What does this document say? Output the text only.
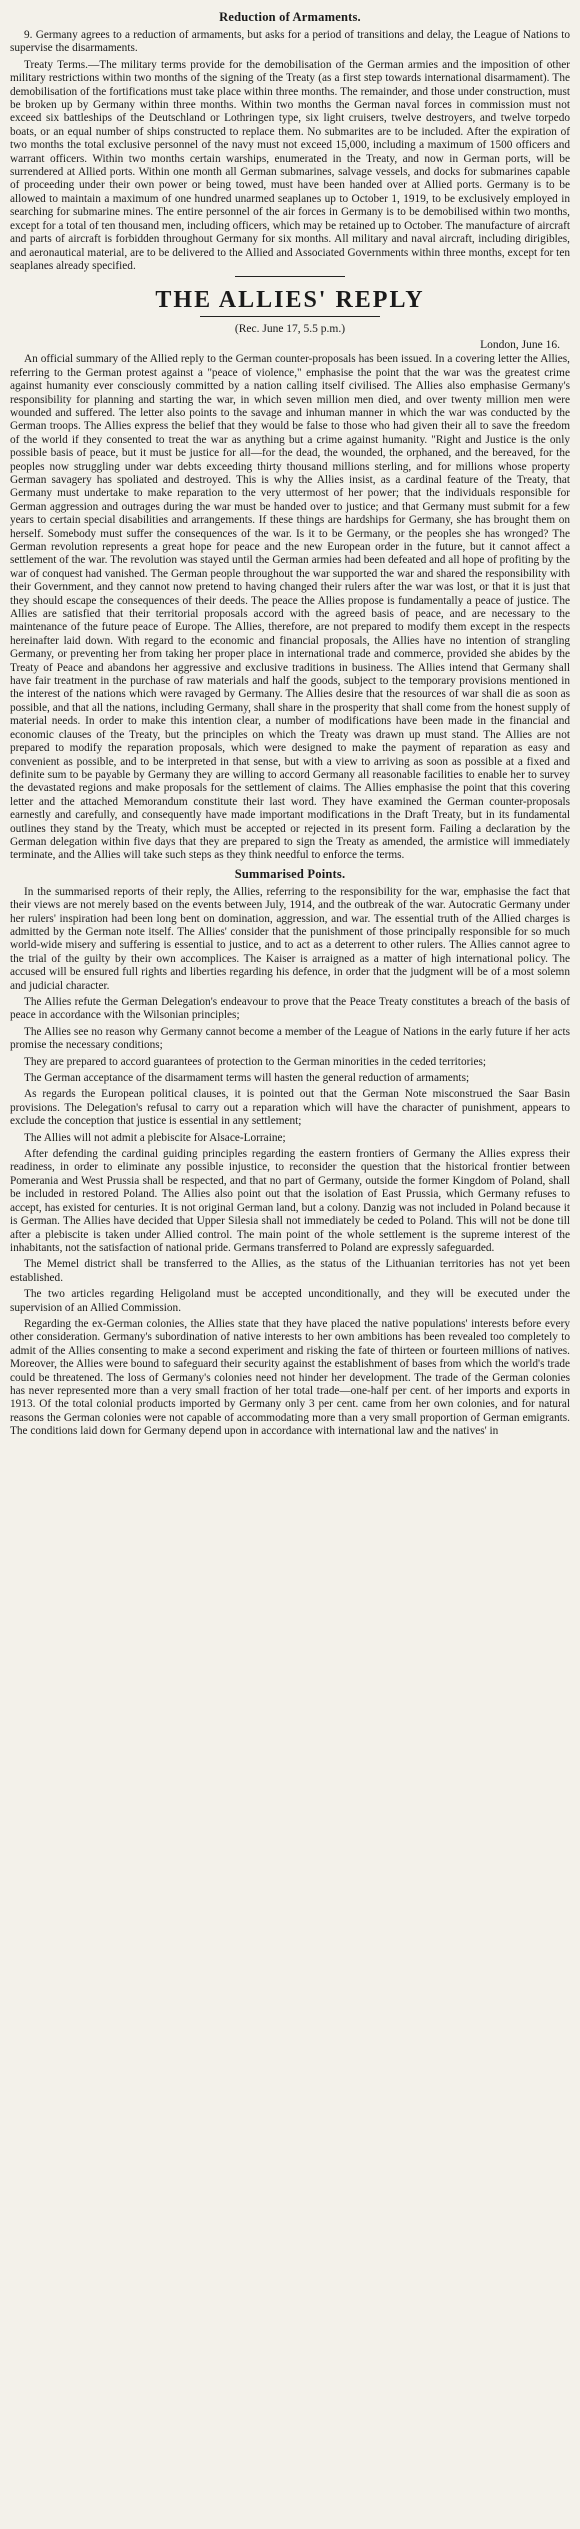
Reduction of Armaments.

9. Germany agrees to a reduction of armaments, but asks for a period of transitions and delay, the League of Nations to supervise the disarmaments.

Treaty Terms.—The military terms provide for the demobilisation of the German armies and the imposition of other military restrictions within two months of the signing of the Treaty (as a first step towards international disarmament). The demobilisation of the fortifications must take place within three months. The remainder, and those under construction, must be broken up by Germany within three months. Within two months the German naval forces in commission must not exceed six battleships of the Deutschland or Lothringen type, six light cruisers, twelve destroyers, and twelve torpedo boats, or an equal number of ships constructed to replace them. No submarites are to be included. After the expiration of two months the total exclusive personnel of the navy must not exceed 15,000, including a maximum of 1500 officers and warrant officers. Within two months certain warships, enumerated in the Treaty, and now in German ports, will be surrendered at Allied ports. Within one month all German submarines, salvage vessels, and docks for submarines capable of proceeding under their own power or being towed, must have been handed over at Allied ports. Germany is to be allowed to maintain a maximum of one hundred unarmed seaplanes up to October 1, 1919, to be exclusively employed in searching for submarine mines. The entire personnel of the air forces in Germany is to be demobilised within two months, except for a total of ten thousand men, including officers, which may be retained up to October. The manufacture of aircraft and parts of aircraft is forbidden throughout Germany for six months. All military and naval aircraft, including dirigibles, and aeronautical material, are to be delivered to the Allied and Associated Governments within three months, except for ten seaplanes already specified.

THE ALLIES' REPLY
(Rec. June 17, 5.5 p.m.)
London, June 16.

An official summary of the Allied reply to the German counter-proposals has been issued. In a covering letter the Allies, referring to the German protest against a "peace of violence," emphasise the point that the war was the greatest crime against humanity ever consciously committed by a nation calling itself civilised. The Allies also emphasise Germany's responsibility for planning and starting the war, in which seven million men died, and over twenty million men were wounded and suffered. The letter also points to the savage and inhuman manner in which the war was conducted by the German troops. The Allies express the belief that they would be false to those who had given their all to save the freedom of the world if they consented to treat the war as anything but a crime against humanity. "Right and Justice is the only possible basis of peace, but it must be justice for all—for the dead, the wounded, the orphaned, and the bereaved, for the peoples now struggling under war debts exceeding thirty thousand millions sterling, and for millions whose property German savagery has spoliated and destroyed. This is why the Allies insist, as a cardinal feature of the Treaty, that Germany must undertake to make reparation to the very uttermost of her power; that the individuals responsible for German aggression and outrages during the war must be handed over to justice; and that Germany must submit for a few years to certain special disabilities and arrangements. If these things are hardships for Germany, she has brought them on herself. Somebody must suffer the consequences of the war. Is it to be Germany, or the peoples she has wronged? The German revolution represents a great hope for peace and the new European order in the future, but it cannot affect a settlement of the war. The revolution was stayed until the German armies had been defeated and all hope of profiting by the war of conquest had vanished. The German people throughout the war supported the war and shared the responsibility with their Government, and they cannot now pretend to having changed their rulers after the war was lost, or that it is just that they should escape the consequences of their deeds. The peace the Allies propose is fundamentally a peace of justice. The Allies are satisfied that their territorial proposals accord with the agreed basis of peace, and are necessary to the maintenance of the future peace of Europe. The Allies, therefore, are not prepared to modify them except in the respects hereinafter laid down. With regard to the economic and financial proposals, the Allies have no intention of strangling Germany, or preventing her from taking her proper place in international trade and commerce, provided she abides by the Treaty of Peace and abandons her aggressive and exclusive traditions in business. The Allies intend that Germany shall have fair treatment in the purchase of raw materials and half the goods, subject to the temporary provisions mentioned in the interest of the nations which were ravaged by Germany. The Allies desire that the resources of war shall die as soon as possible, and that all the nations, including Germany, shall share in the prosperity that shall come from the honest supply of material needs. In order to make this intention clear, a number of modifications have been made in the financial and economic clauses of the Treaty, but the principles on which the Treaty was drawn up must stand. The Allies are not prepared to modify the reparation proposals, which were designed to make the payment of reparation as easy and convenient as possible, and to be interpreted in that sense, but with a view to arriving as soon as possible at a fixed and definite sum to be payable by Germany they are willing to accord Germany all reasonable facilities to enable her to survey the devastated regions and make proposals for the settlement of claims. The Allies emphasise the point that this covering letter and the attached Memorandum constitute their last word. They have examined the German counter-proposals earnestly and carefully, and consequently have made important modifications in the Draft Treaty, but in its fundamental outlines they stand by the Treaty, which must be accepted or rejected in its present form. Failing a declaration by the German delegation within five days that they are prepared to sign the Treaty as amended, the armistice will immediately terminate, and the Allies will take such steps as they think needful to enforce the terms.

Summarised Points.

In the summarised reports of their reply, the Allies, referring to the responsibility for the war, emphasise the fact that their views are not merely based on the events between July, 1914, and the outbreak of the war. Autocratic Germany under her rulers' inspiration had been long bent on domination, aggression, and war. The essential truth of the Allied charges is admitted by the German note itself. The Allies' consider that the punishment of those principally responsible for so much world-wide misery and suffering is essential to justice, and to act as a deterrent to other rulers. The Allies cannot agree to the trial of the guilty by their own accomplices. The Kaiser is arraigned as a matter of high international policy. The accused will be ensured full rights and liberties regarding his defence, in order that the judgment will be of a most solemn and judicial character.

The Allies refute the German Delegation's endeavour to prove that the Peace Treaty constitutes a breach of the basis of peace in accordance with the Wilsonian principles;

The Allies see no reason why Germany cannot become a member of the League of Nations in the early future if her acts promise the necessary conditions;

They are prepared to accord guarantees of protection to the German minorities in the ceded territories;

The German acceptance of the disarmament terms will hasten the general reduction of armaments;

As regards the European political clauses, it is pointed out that the German Note misconstrued the Saar Basin provisions. The Delegation's refusal to carry out a reparation which will have the character of punishment, appears to exclude the conception that justice is essential in any settlement;

The Allies will not admit a plebiscite for Alsace-Lorraine;

After defending the cardinal guiding principles regarding the eastern frontiers of Germany the Allies express their readiness, in order to eliminate any possible injustice, to reconsider the question that the historical frontier between Pomerania and West Prussia shall be respected, and that no part of Germany, outside the former Kingdom of Poland, shall be included in restored Poland. The Allies also point out that the isolation of East Prussia, which Germany refuses to accept, has existed for centuries. It is not original German land, but a colony. Danzig was not included in Poland because it is German. The Allies have decided that Upper Silesia shall not immediately be ceded to Poland. This will not be done till after a plebiscite is taken under Allied control. The main point of the whole settlement is the supreme interest of the inhabitants, not the satisfaction of national pride. Germans transferred to Poland are expressly safeguarded.

The Memel district shall be transferred to the Allies, as the status of the Lithuanian territories has not yet been established.

The two articles regarding Heligoland must be accepted unconditionally, and they will be executed under the supervision of an Allied Commission.

Regarding the ex-German colonies, the Allies state that they have placed the native populations' interests before every other consideration. Germany's subordination of native interests to her own ambitions has been revealed too completely to admit of the Allies consenting to make a second experiment and risking the fate of thirteen or fourteen millions of natives. Moreover, the Allies were bound to safeguard their security against the establishment of bases from which the world's trade could be threatened. The loss of Germany's colonies need not hinder her development. The trade of the German colonies has never represented more than a very small fraction of her total trade—one-half per cent. of her imports and exports in 1913. Of the total colonial products imported by Germany only 3 per cent. came from her own colonies, and for natural reasons the German colonies were not capable of accommodating more than a very small proportion of German emigrants. The conditions laid down for Germany depend upon in accordance with international law and the natives' in
